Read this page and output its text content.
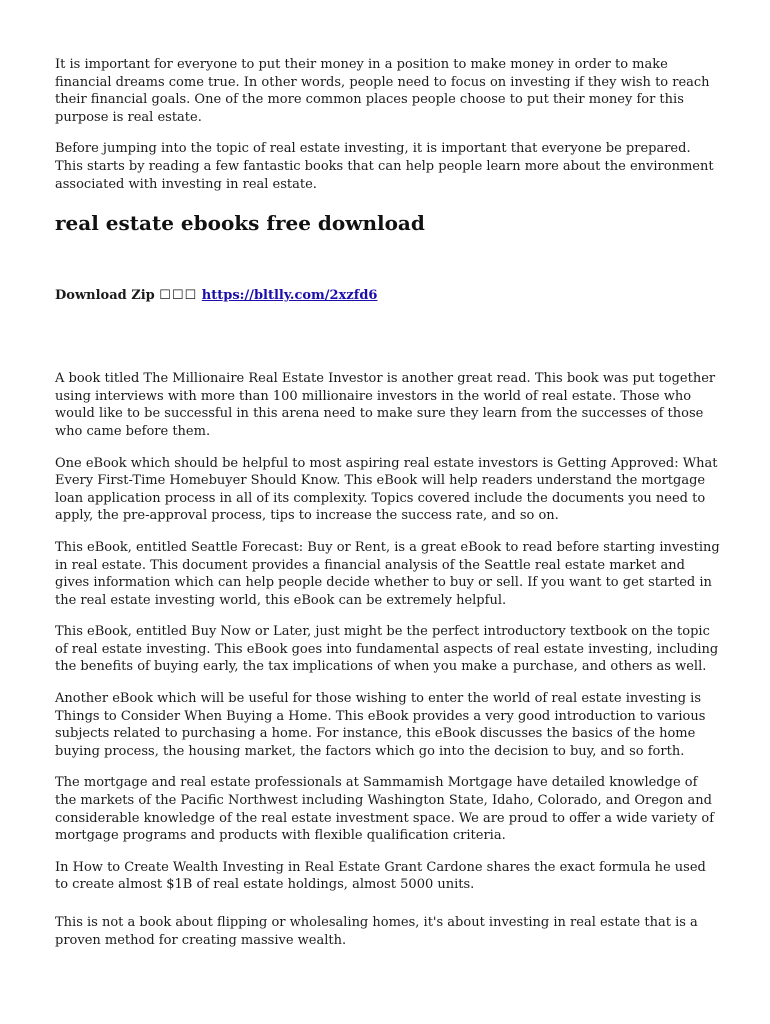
It is important for everyone to put their money in a position to make money in order to make financial dreams come true. In other words, people need to focus on investing if they wish to reach their financial goals. One of the more common places people choose to put their money for this purpose is real estate.

Before jumping into the topic of real estate investing, it is important that everyone be prepared. This starts by reading a few fantastic books that can help people learn more about the environment associated with investing in real estate.

real estate ebooks free download
Download Zip ☐☐☐ https://bltlly.com/2xzfd6

A book titled The Millionaire Real Estate Investor is another great read. This book was put together using interviews with more than 100 millionaire investors in the world of real estate. Those who would like to be successful in this arena need to make sure they learn from the successes of those who came before them.

One eBook which should be helpful to most aspiring real estate investors is Getting Approved: What Every First-Time Homebuyer Should Know. This eBook will help readers understand the mortgage loan application process in all of its complexity. Topics covered include the documents you need to apply, the pre-approval process, tips to increase the success rate, and so on.

This eBook, entitled Seattle Forecast: Buy or Rent, is a great eBook to read before starting investing in real estate. This document provides a financial analysis of the Seattle real estate market and gives information which can help people decide whether to buy or sell. If you want to get started in the real estate investing world, this eBook can be extremely helpful.

This eBook, entitled Buy Now or Later, just might be the perfect introductory textbook on the topic of real estate investing. This eBook goes into fundamental aspects of real estate investing, including the benefits of buying early, the tax implications of when you make a purchase, and others as well.

Another eBook which will be useful for those wishing to enter the world of real estate investing is Things to Consider When Buying a Home. This eBook provides a very good introduction to various subjects related to purchasing a home. For instance, this eBook discusses the basics of the home buying process, the housing market, the factors which go into the decision to buy, and so forth.

The mortgage and real estate professionals at Sammamish Mortgage have detailed knowledge of the markets of the Pacific Northwest including Washington State, Idaho, Colorado, and Oregon and considerable knowledge of the real estate investment space. We are proud to offer a wide variety of mortgage programs and products with flexible qualification criteria.

In How to Create Wealth Investing in Real Estate Grant Cardone shares the exact formula he used to create almost $1B of real estate holdings, almost 5000 units.

This is not a book about flipping or wholesaling homes, it's about investing in real estate that is a proven method for creating massive wealth.
